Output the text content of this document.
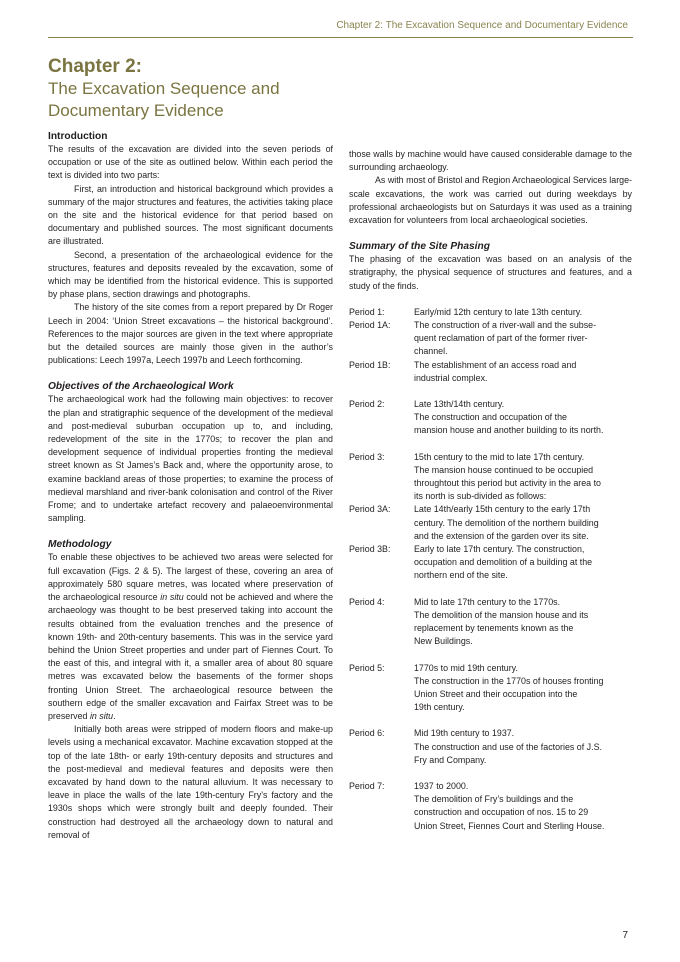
Chapter 2: The Excavation Sequence and Documentary Evidence
Chapter 2:
The Excavation Sequence and
Documentary Evidence
Introduction

The results of the excavation are divided into the seven periods of occupation or use of the site as outlined below. Within each period the text is divided into two parts:

First, an introduction and historical background which provides a summary of the major structures and features, the activities taking place on the site and the historical evidence for that period based on documentary and published sources. The most significant documents are illustrated.

Second, a presentation of the archaeological evidence for the structures, features and deposits revealed by the excavation, some of which may be identified from the historical evidence. This is supported by phase plans, section drawings and photographs.

The history of the site comes from a report prepared by Dr Roger Leech in 2004: ‘Union Street excavations – the historical background’. References to the major sources are given in the text where appropriate but the detailed sources are mainly those given in the author’s publications: Leech 1997a, Leech 1997b and Leech forthcoming.

Objectives of the Archaeological Work

The archaeological work had the following main objectives: to recover the plan and stratigraphic sequence of the development of the medieval and post-medieval suburban occupation up to, and including, redevelopment of the site in the 1770s; to recover the plan and development sequence of individual properties fronting the medieval street known as St James’s Back and, where the opportunity arose, to examine backland areas of those properties; to examine the process of medieval marshland and river-bank colonisation and control of the River Frome; and to undertake artefact recovery and palaeoenvironmental sampling.

Methodology

To enable these objectives to be achieved two areas were selected for full excavation (Figs. 2 & 5). The largest of these, covering an area of approximately 580 square metres, was located where preservation of the archaeological resource in situ could not be achieved and where the archaeology was thought to be best preserved taking into account the results obtained from the evaluation trenches and the presence of known 19th- and 20th-century basements. This was in the service yard behind the Union Street properties and under part of Fiennes Court. To the east of this, and integral with it, a smaller area of about 80 square metres was excavated below the basements of the former shops fronting Union Street. The archaeological resource between the southern edge of the smaller excavation and Fairfax Street was to be preserved in situ.

Initially both areas were stripped of modern floors and make-up levels using a mechanical excavator. Machine excavation stopped at the top of the late 18th- or early 19th-century deposits and structures and the post-medieval and medieval features and deposits were then excavated by hand down to the natural alluvium. It was necessary to leave in place the walls of the late 19th-century Fry’s factory and the 1930s shops which were strongly built and deeply founded. Their construction had destroyed all the archaeology down to natural and removal of

those walls by machine would have caused considerable damage to the surrounding archaeology.

As with most of Bristol and Region Archaeological Services large-scale excavations, the work was carried out during weekdays by professional archaeologists but on Saturdays it was used as a training excavation for volunteers from local archaeological societies.

Summary of the Site Phasing

The phasing of the excavation was based on an analysis of the stratigraphy, the physical sequence of structures and features, and a study of the finds.

Period 1:	Early/mid 12th century to late 13th century.
Period 1A:	The construction of a river-wall and the subse-
quent reclamation of part of the former river-
channel.
Period 1B:	The establishment of an access road and
industrial complex.
Period 2:	Late 13th/14th century.
The construction and occupation of the
mansion house and another building to its north.
Period 3:	15th century to the mid to late 17th century.
The mansion house continued to be occupied
throughtout this period but activity in the area to
its north is sub-divided as follows:
Period 3A:	Late 14th/early 15th century to the early 17th
century. The demolition of the northern building
and the extension of the garden over its site.
Period 3B:	Early to late 17th century. The construction,
occupation and demolition of a building at the
northern end of the site.
Period 4:	Mid to late 17th century to the 1770s.
The demolition of the mansion house and its
replacement by tenements known as the
New Buildings.
Period 5:	1770s to mid 19th century.
The construction in the 1770s of houses fronting
Union Street and their occupation into the
19th century.
Period 6:	Mid 19th century to 1937.
The construction and use of the factories of J.S.
Fry and Company.
Period 7:	1937 to 2000.
The demolition of Fry’s buildings and the
construction and occupation of nos. 15 to 29
Union Street, Fiennes Court and Sterling House.
7
